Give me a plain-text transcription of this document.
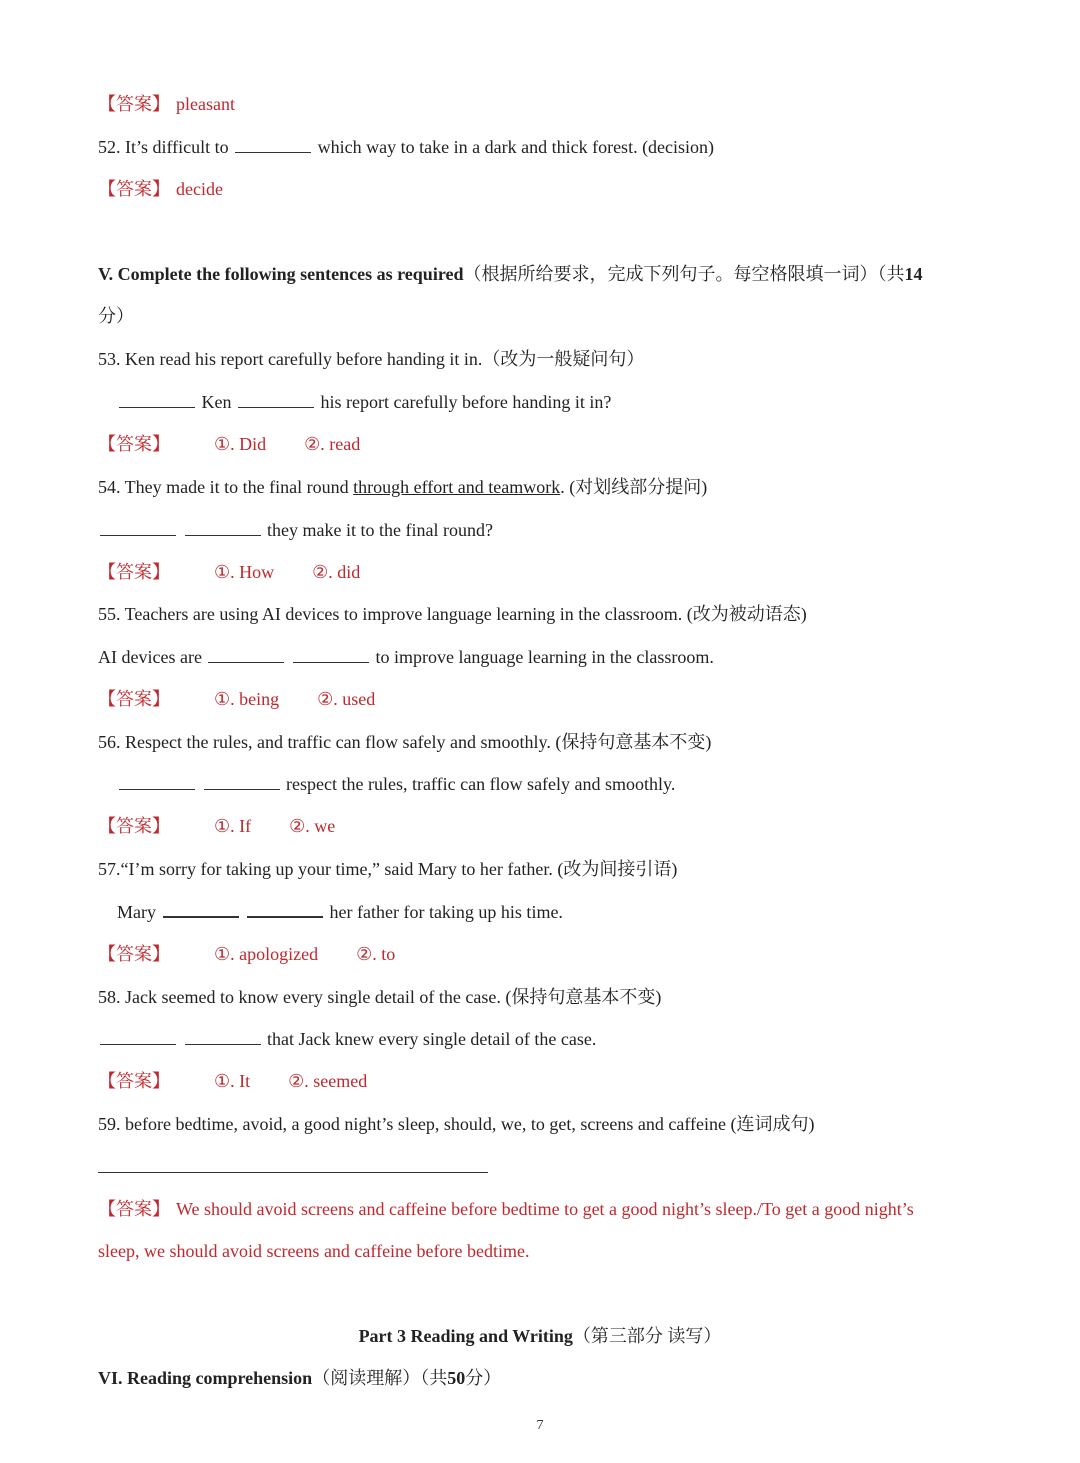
【答案】 pleasant
52. It’s difficult to	which way to take in a dark and thick forest. (decision)
【答案】 decide
V. Complete the following sentences as required（根据所给要求，完成下列句子。每空格限填一词）（共14
分）
53. Ken read his report carefully before handing it in.（改为一般疑问句）
Ken	his report carefully before handing it in?
【答案】 ①. Did ②. read
54. They made it to the final round through effort and teamwork. (对划线部分提问)
they make it to the final round?
【答案】 ①. How ②. did
55. Teachers are using AI devices to improve language learning in the classroom. (改为被动语态)
AI devices are	to improve language learning in the classroom.
【答案】 ①. being ②. used
56. Respect the rules, and traffic can flow safely and smoothly. (保持句意基本不变)
respect the rules, traffic can flow safely and smoothly.
【答案】 ①. If ②. we
57.“I’m sorry for taking up your time,” said Mary to her father. (改为间接引语)
Mary	her father for taking up his time.
【答案】 ①. apologized ②. to
58. Jack seemed to know every single detail of the case. (保持句意基本不变)
that Jack knew every single detail of the case.
【答案】 ①. It ②. seemed
59. before bedtime, avoid, a good night’s sleep, should, we, to get, screens and caffeine (连词成句)
【答案】 We should avoid screens and caffeine before bedtime to get a good night’s sleep./To get a good night’s
sleep, we should avoid screens and caffeine before bedtime.
Part 3 Reading and Writing（第三部分 读写）
VI. Reading comprehension（阅读理解）（共50分）
7
